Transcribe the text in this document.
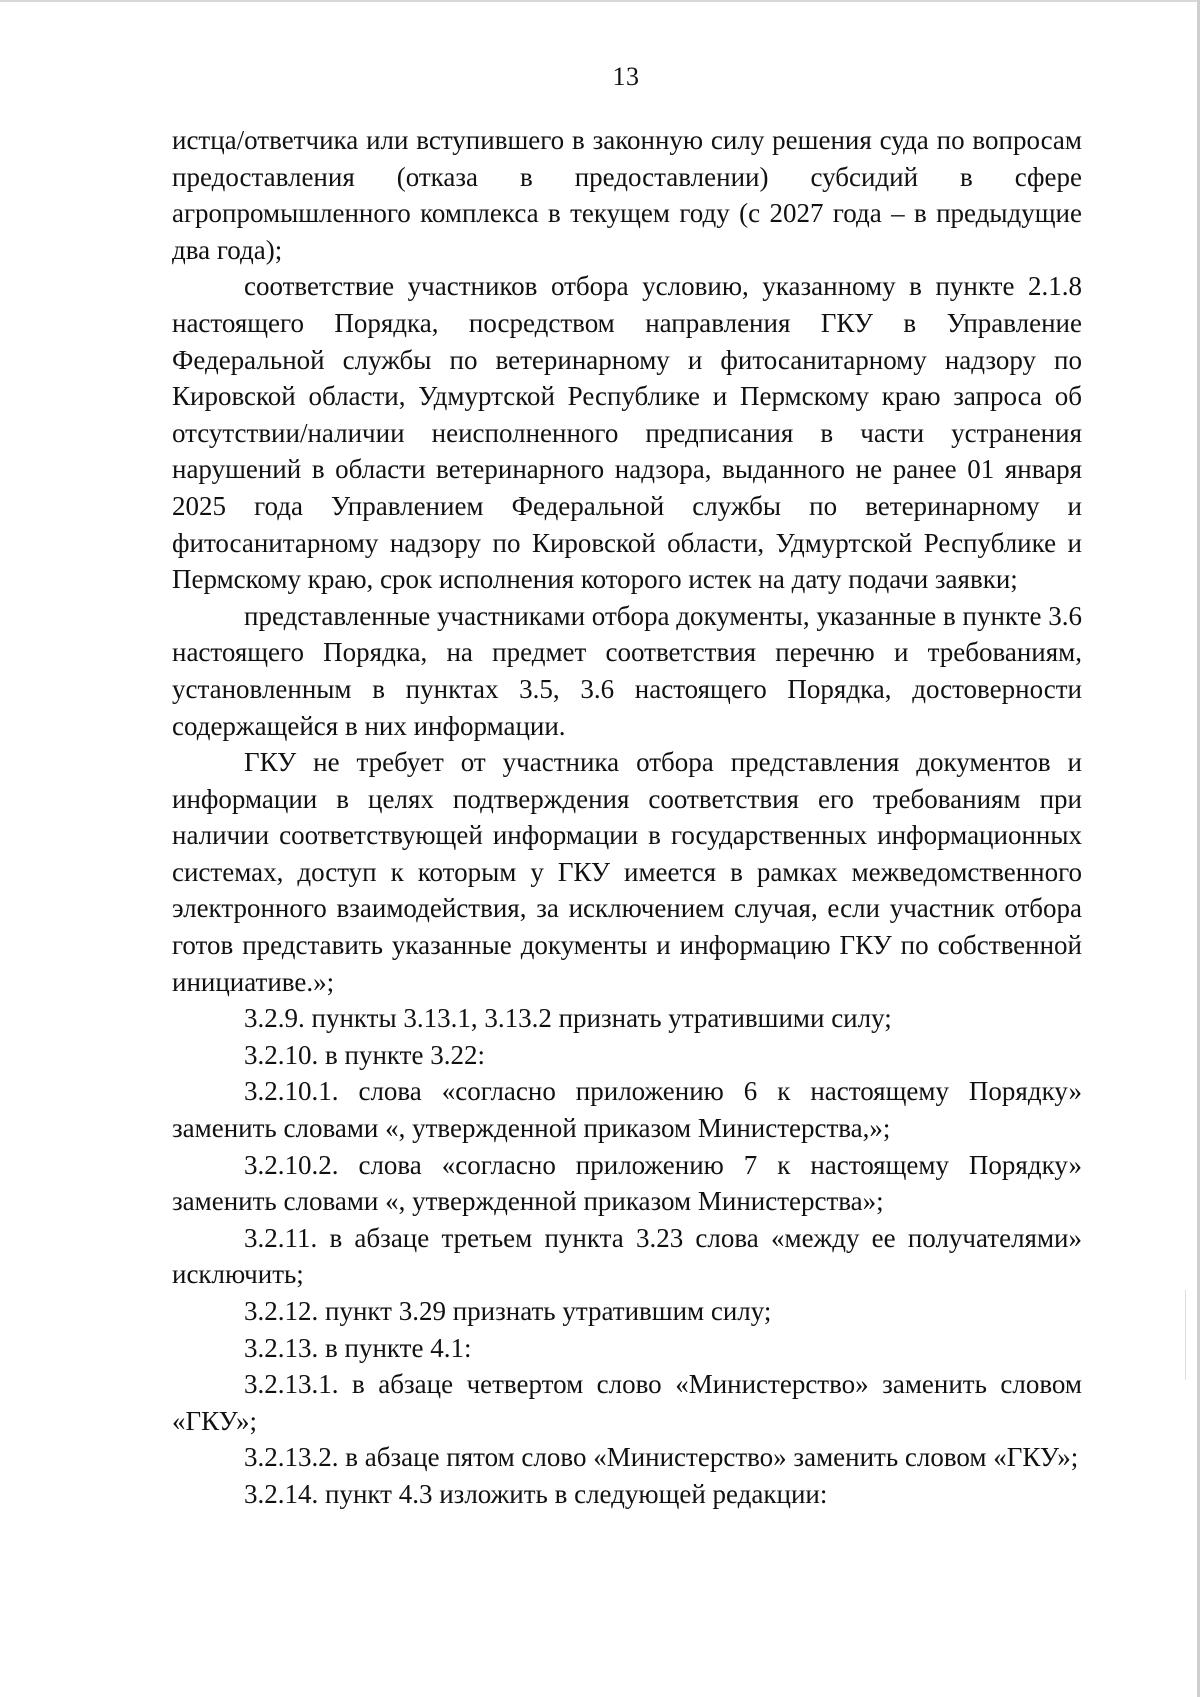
13

истца/ответчика или вступившего в законную силу решения суда по вопросам предоставления (отказа в предоставлении) субсидий в сфере агропромышленного комплекса в текущем году (с 2027 года – в предыдущие два года);

соответствие участников отбора условию, указанному в пункте 2.1.8 настоящего Порядка, посредством направления ГКУ в Управление Федеральной службы по ветеринарному и фитосанитарному надзору по Кировской области, Удмуртской Республике и Пермскому краю запроса об отсутствии/наличии неисполненного предписания в части устранения нарушений в области ветеринарного надзора, выданного не ранее 01 января 2025 года Управлением Федеральной службы по ветеринарному и фитосанитарному надзору по Кировской области, Удмуртской Республике и Пермскому краю, срок исполнения которого истек на дату подачи заявки;

представленные участниками отбора документы, указанные в пункте 3.6 настоящего Порядка, на предмет соответствия перечню и требованиям, установленным в пунктах 3.5, 3.6 настоящего Порядка, достоверности содержащейся в них информации.

ГКУ не требует от участника отбора представления документов и информации в целях подтверждения соответствия его требованиям при наличии соответствующей информации в государственных информационных системах, доступ к которым у ГКУ имеется в рамках межведомственного электронного взаимодействия, за исключением случая, если участник отбора готов представить указанные документы и информацию ГКУ по собственной инициативе.»;

3.2.9. пункты 3.13.1, 3.13.2 признать утратившими силу;

3.2.10. в пункте 3.22:

3.2.10.1. слова «согласно приложению 6 к настоящему Порядку» заменить словами «, утвержденной приказом Министерства,»;

3.2.10.2. слова «согласно приложению 7 к настоящему Порядку» заменить словами «, утвержденной приказом Министерства»;

3.2.11. в абзаце третьем пункта 3.23 слова «между ее получателями» исключить;

3.2.12. пункт 3.29 признать утратившим силу;

3.2.13. в пункте 4.1:

3.2.13.1. в абзаце четвертом слово «Министерство» заменить словом «ГКУ»;

3.2.13.2. в абзаце пятом слово «Министерство» заменить словом «ГКУ»;

3.2.14. пункт 4.3 изложить в следующей редакции:
